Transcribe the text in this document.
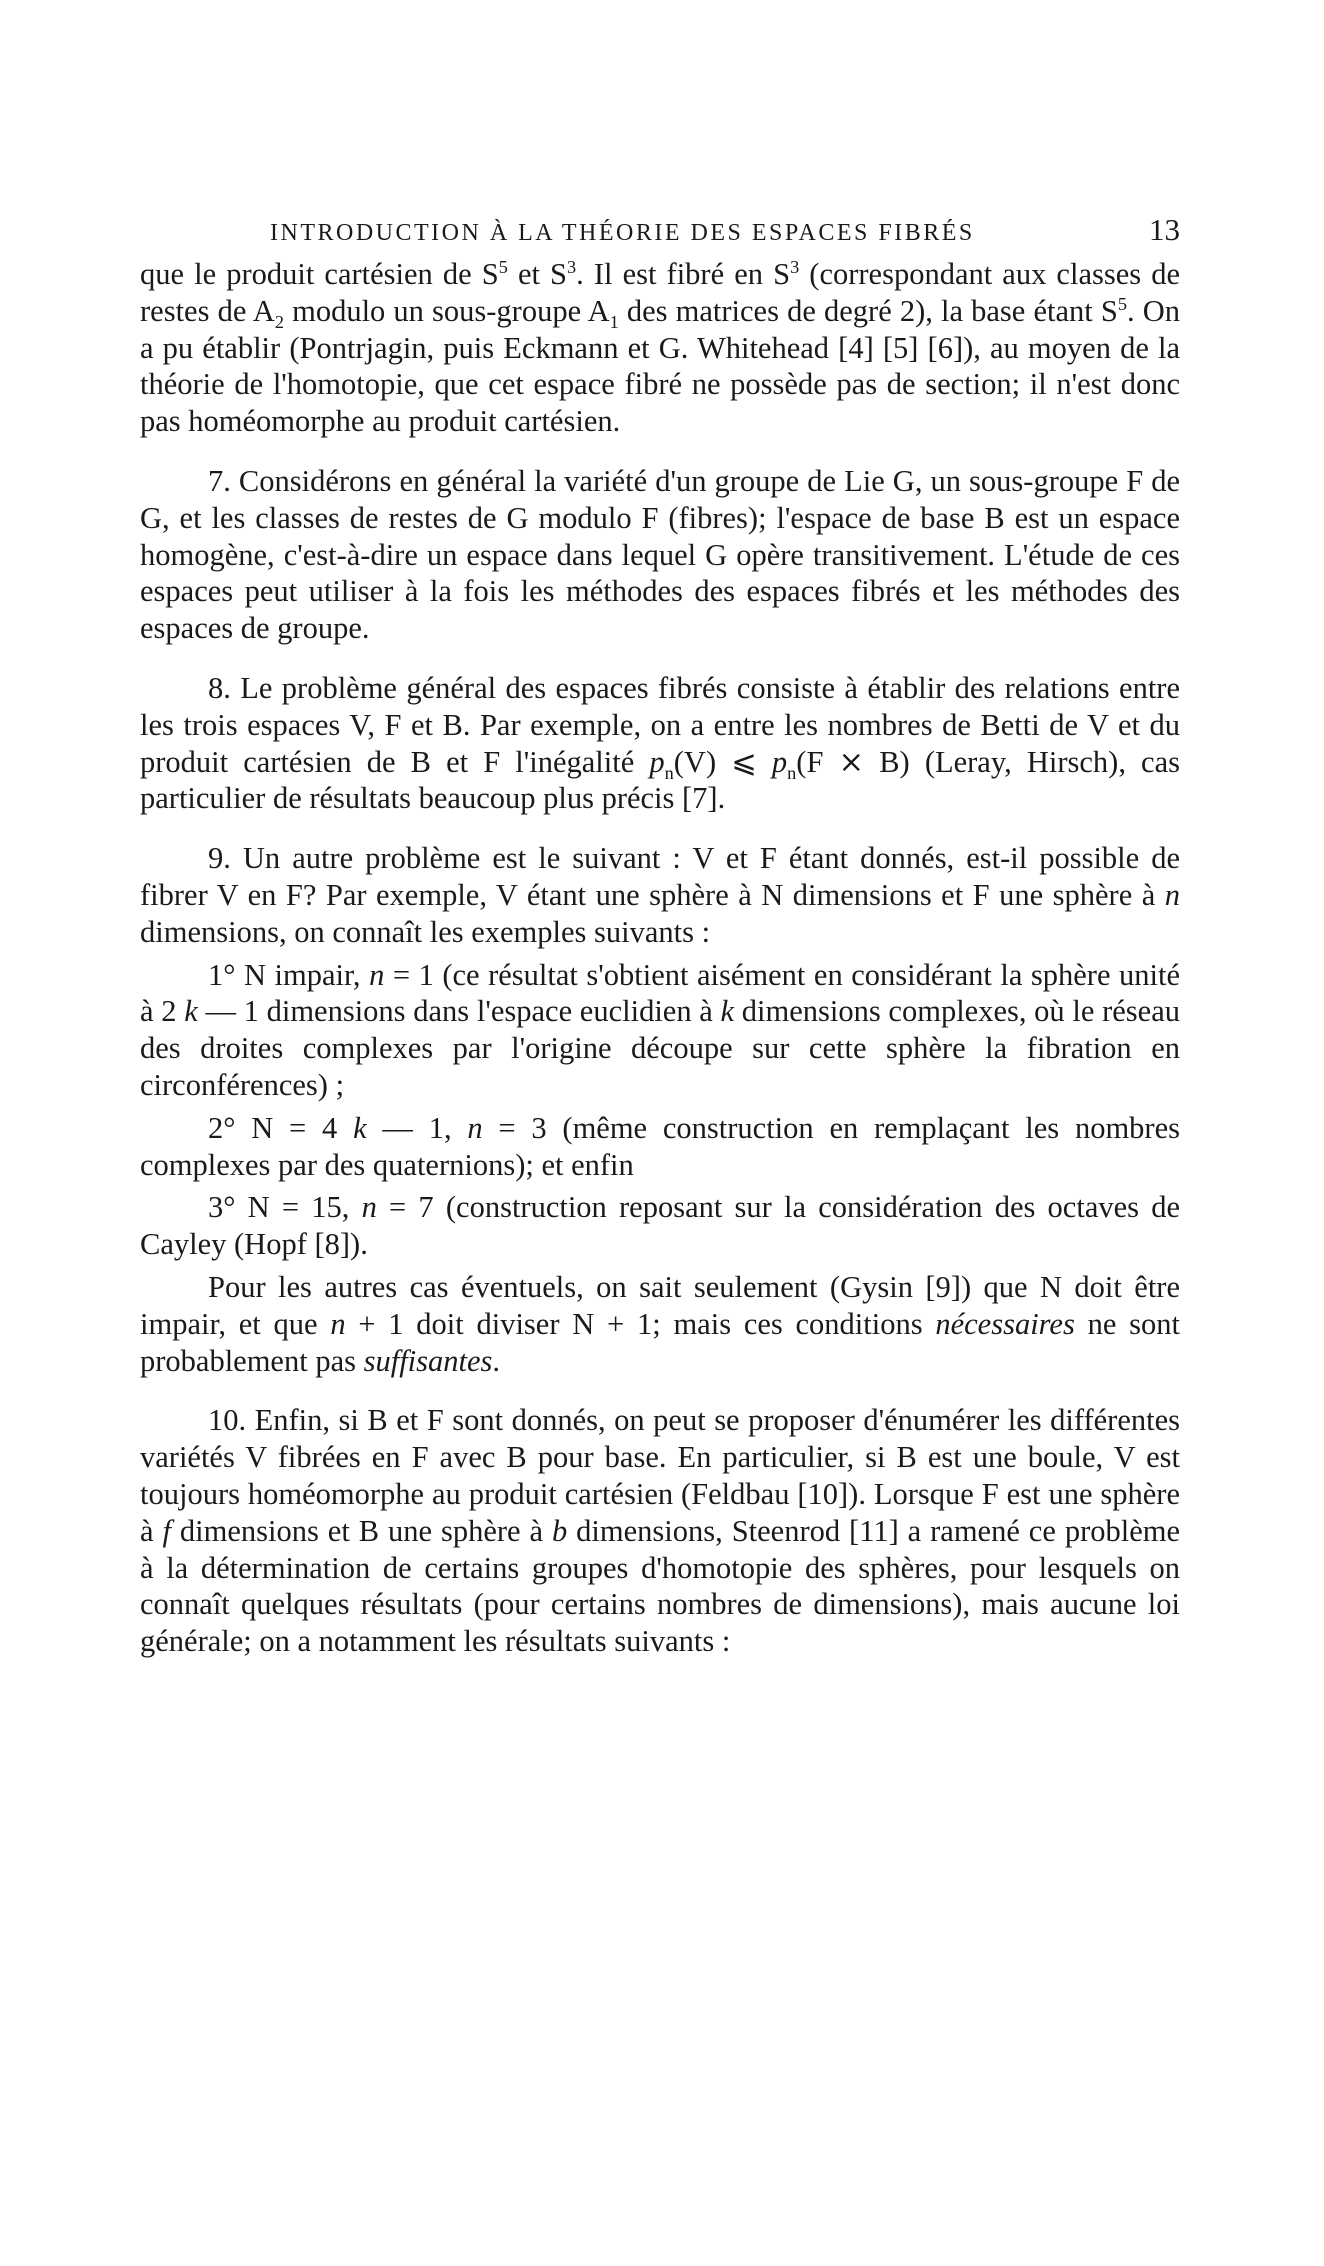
INTRODUCTION À LA THÉORIE DES ESPACES FIBRÉS	13

que le produit cartésien de $S^5$ et $S^3$. Il est fibré en $S^3$ (correspondant aux classes de restes de $A_2$ modulo un sous-groupe $A_1$ des matrices de degré 2), la base étant $S^5$. On a pu établir (Pontrjagin, puis Eckmann et G. Whitehead [4] [5] [6]), au moyen de la théorie de l'homotopie, que cet espace fibré ne possède pas de section; il n'est donc pas homéomorphe au produit cartésien.

7. Considérons en général la variété d'un groupe de Lie G, un sous-groupe F de G, et les classes de restes de G modulo F (fibres); l'espace de base B est un espace homogène, c'est-à-dire un espace dans lequel G opère transitivement. L'étude de ces espaces peut utiliser à la fois les méthodes des espaces fibrés et les méthodes des espaces de groupe.

8. Le problème général des espaces fibrés consiste à établir des relations entre les trois espaces V, F et B. Par exemple, on a entre les nombres de Betti de V et du produit cartésien de B et F l'inégalité $p_n(V)$ ⩽ $p_n(F$ ⨯ B) (Leray, Hirsch), cas particulier de résultats beaucoup plus précis [7].

9. Un autre problème est le suivant : V et F étant donnés, est-il possible de fibrer V en F? Par exemple, V étant une sphère à N dimensions et F une sphère à n dimensions, on connaît les exemples suivants :

1° N impair, n = 1 (ce résultat s'obtient aisément en considérant la sphère unité à 2 k — 1 dimensions dans l'espace euclidien à k dimensions complexes, où le réseau des droites complexes par l'origine découpe sur cette sphère la fibration en circonférences) ;

2° N = 4 k — 1, n = 3 (même construction en remplaçant les nombres complexes par des quaternions); et enfin

3° N = 15, n = 7 (construction reposant sur la considération des octaves de Cayley (Hopf [8]).

Pour les autres cas éventuels, on sait seulement (Gysin [9]) que N doit être impair, et que n + 1 doit diviser N + 1; mais ces conditions nécessaires ne sont probablement pas suffisantes.

10. Enfin, si B et F sont donnés, on peut se proposer d'énumérer les différentes variétés V fibrées en F avec B pour base. En particulier, si B est une boule, V est toujours homéomorphe au produit cartésien (Feldbau [10]). Lorsque F est une sphère à f dimensions et B une sphère à b dimensions, Steenrod [11] a ramené ce problème à la détermination de certains groupes d'homotopie des sphères, pour lesquels on connaît quelques résultats (pour certains nombres de dimensions), mais aucune loi générale; on a notamment les résultats suivants :
